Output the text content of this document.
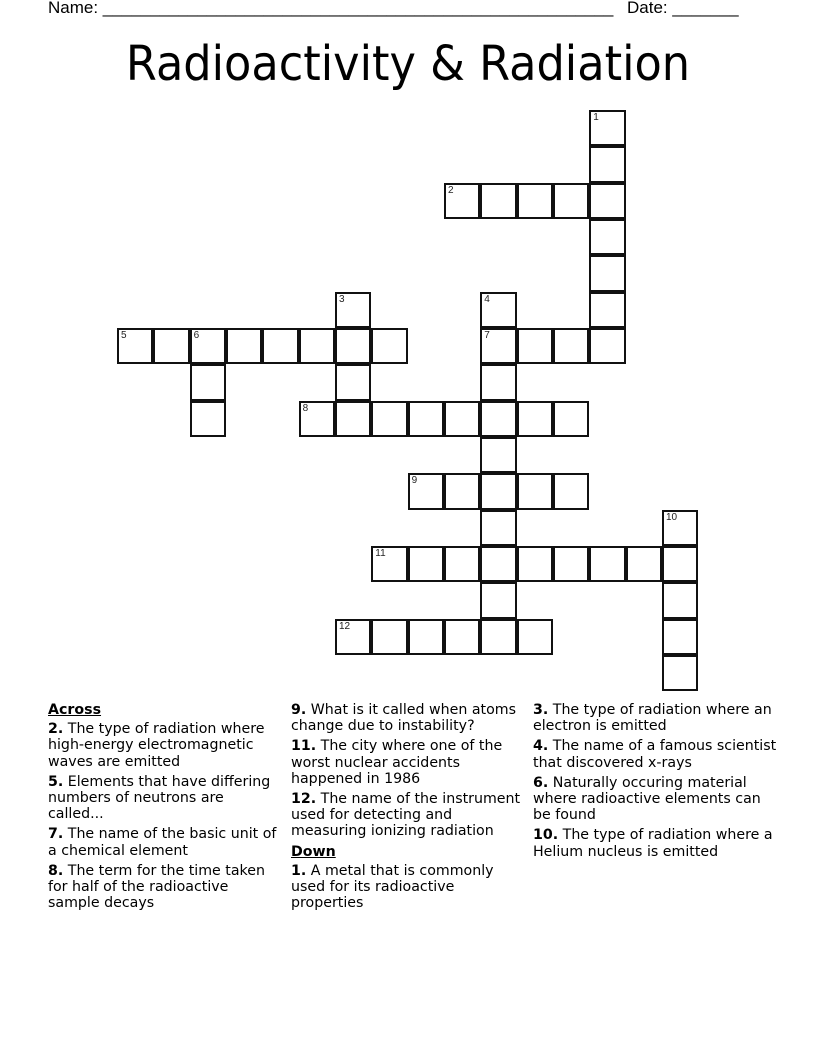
Name: ______________________________________________________ Date: _______
Radioactivity & Radiation
1
2
3	4
7
5	6
8
9
10
11
12
Across
2. The type of radiation where high-energy electromagnetic waves are emitted
5. Elements that have differing numbers of neutrons are called...
7. The name of the basic unit of a chemical element
8. The term for the time taken for half of the radioactive sample decays
9. What is it called when atoms change due to instability?
11. The city where one of the worst nuclear accidents happened in 1986
12. The name of the instrument used for detecting and measuring ionizing radiation
Down
1. A metal that is commonly used for its radioactive properties
3. The type of radiation where an electron is emitted
4. The name of a famous scientist that discovered x-rays
6. Naturally occuring material where radioactive elements can be found
10. The type of radiation where a Helium nucleus is emitted
